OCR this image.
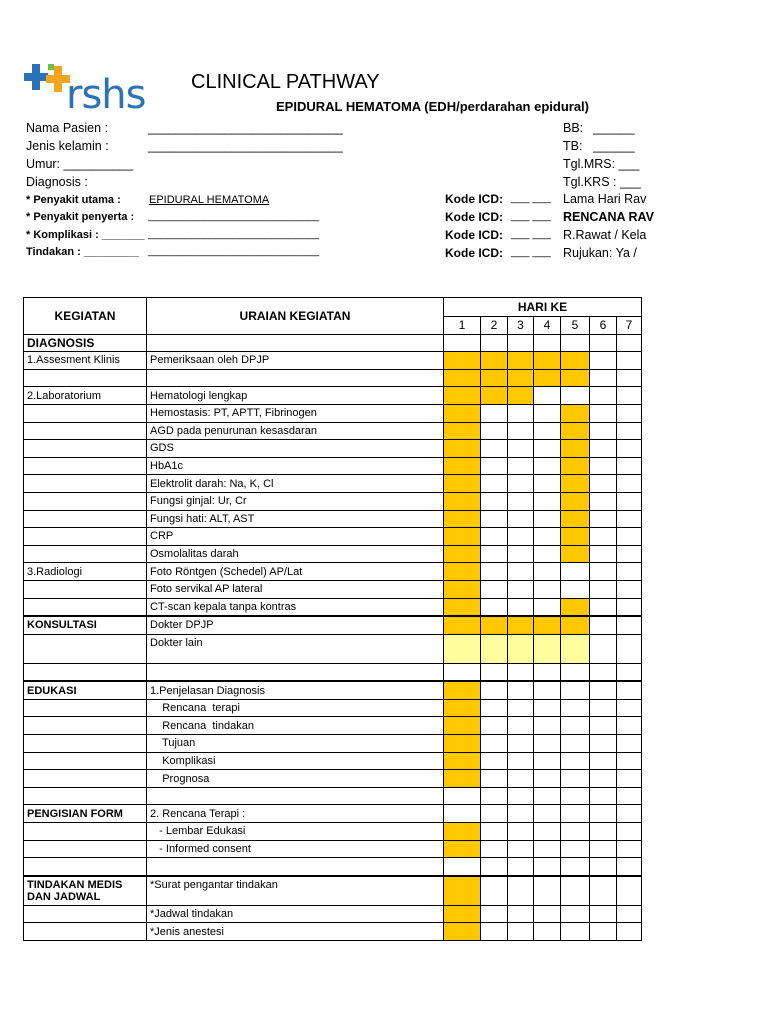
rshs CLINICAL PATHWAY
EPIDURAL HEMATOMA (EDH/perdarahan epidural)
Nama Pasien :	____________________________
Jenis kelamin :	____________________________
Umur: __________
Diagnosis :
* Penyakit utama :	EPIDURAL HEMATOMA
* Penyakit penyerta : ____________________________
* Komplikasi : _______ ____________________________
Tindakan : _________ ____________________________
Kode ICD: ___ ___
Kode ICD: ___ ___
Kode ICD: ___ ___
Kode ICD: ___ ___
BB: ______
TB: ______
Tgl.MRS: ___
Tgl.KRS : ___
Lama Hari Rav
RENCANA RAV
R.Rawat / Kela
Rujukan: Ya /
KEGIATAN	URAIAN KEGIATAN	HARI KE						
		1	2	3	4	5	6	7
DIAGNOSIS								
1.Assesment Klinis	Pemeriksaan oleh DPJP							

2.Laboratorium	Hematologi lengkap							
	Hemostasis: PT, APTT, Fibrinogen							
	AGD pada penurunan kesasdaran							
	GDS							
	HbA1c							
	Elektrolit darah: Na, K, Cl							
	Fungsi ginjal: Ur, Cr							
	Fungsi hati: ALT, AST							
	CRP							
	Osmolalitas darah							
3.Radiologi	Foto Röntgen (Schedel) AP/Lat							
	Foto servikal AP lateral							
	CT-scan kepala tanpa kontras							
KONSULTASI	Dokter DPJP							
	Dokter lain							

EDUKASI	1.Penjelasan Diagnosis							
	Rencana  terapi							
	Rencana  tindakan							
	Tujuan							
	Komplikasi							
	Prognosa							

PENGISIAN FORM	2. Rencana Terapi :							
	- Lembar Edukasi							
	- Informed consent							

TINDAKAN MEDIS DAN JADWAL	*Surat pengantar tindakan							
	*Jadwal tindakan							
	*Jenis anestesi							
